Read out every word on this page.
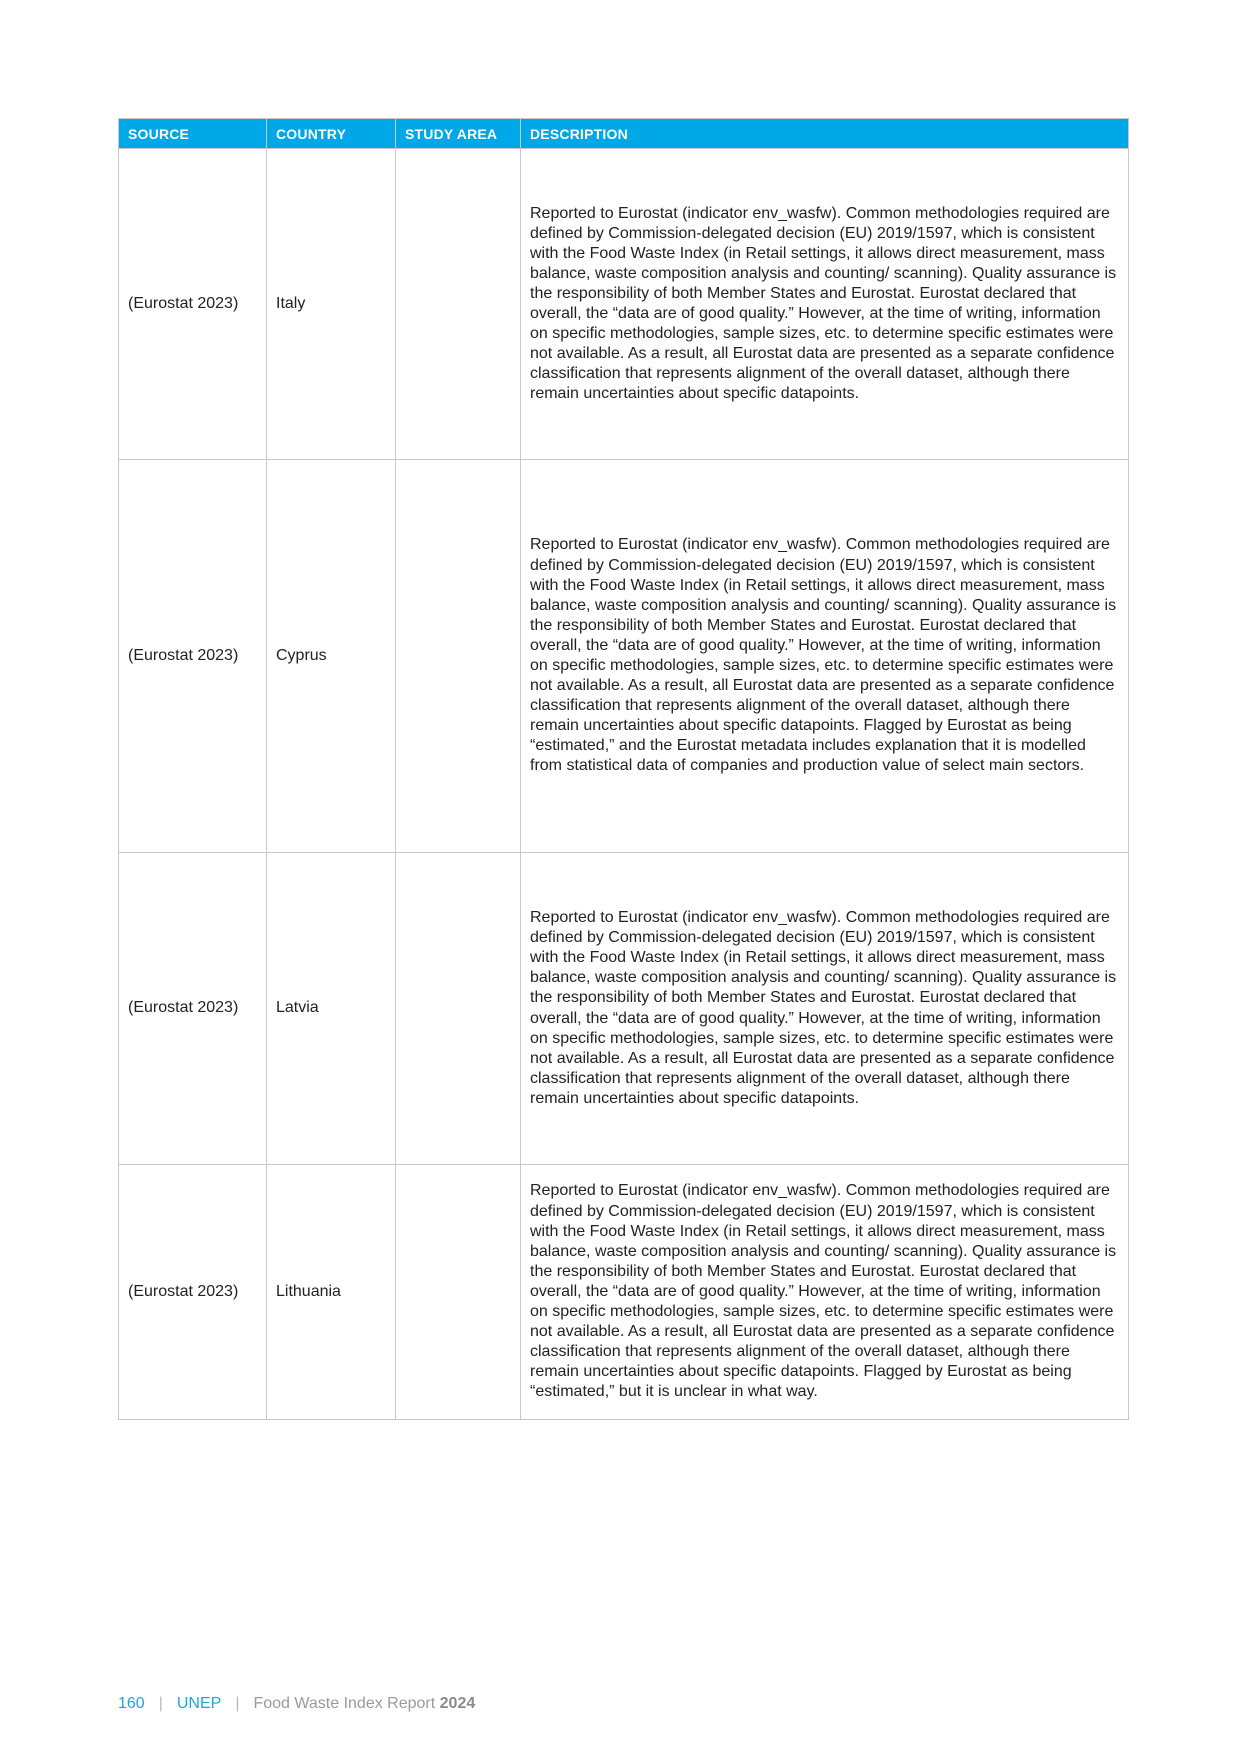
SOURCE	COUNTRY	STUDY AREA	DESCRIPTION
(Eurostat 2023)	Italy		Reported to Eurostat (indicator env_wasfw). Common methodologies required are defined by Commission-delegated decision (EU) 2019/1597, which is consistent with the Food Waste Index (in Retail settings, it allows direct measurement, mass balance, waste composition analysis and counting/ scanning). Quality assurance is the responsibility of both Member States and Eurostat. Eurostat declared that overall, the “data are of good quality.” However, at the time of writing, information on specific methodologies, sample sizes, etc. to determine specific estimates were not available. As a result, all Eurostat data are presented as a separate confidence classification that represents alignment of the overall dataset, although there remain uncertainties about specific datapoints.
(Eurostat 2023)	Cyprus		Reported to Eurostat (indicator env_wasfw). Common methodologies required are defined by Commission-delegated decision (EU) 2019/1597, which is consistent with the Food Waste Index (in Retail settings, it allows direct measurement, mass balance, waste composition analysis and counting/ scanning). Quality assurance is the responsibility of both Member States and Eurostat. Eurostat declared that overall, the “data are of good quality.” However, at the time of writing, information on specific methodologies, sample sizes, etc. to determine specific estimates were not available. As a result, all Eurostat data are presented as a separate confidence classification that represents alignment of the overall dataset, although there remain uncertainties about specific datapoints. Flagged by Eurostat as being “estimated,” and the Eurostat metadata includes explanation that it is modelled from statistical data of companies and production value of select main sectors.
(Eurostat 2023)	Latvia		Reported to Eurostat (indicator env_wasfw). Common methodologies required are defined by Commission-delegated decision (EU) 2019/1597, which is consistent with the Food Waste Index (in Retail settings, it allows direct measurement, mass balance, waste composition analysis and counting/ scanning). Quality assurance is the responsibility of both Member States and Eurostat. Eurostat declared that overall, the “data are of good quality.” However, at the time of writing, information on specific methodologies, sample sizes, etc. to determine specific estimates were not available. As a result, all Eurostat data are presented as a separate confidence classification that represents alignment of the overall dataset, although there remain uncertainties about specific datapoints.
(Eurostat 2023)	Lithuania		Reported to Eurostat (indicator env_wasfw). Common methodologies required are defined by Commission-delegated decision (EU) 2019/1597, which is consistent with the Food Waste Index (in Retail settings, it allows direct measurement, mass balance, waste composition analysis and counting/ scanning). Quality assurance is the responsibility of both Member States and Eurostat. Eurostat declared that overall, the “data are of good quality.” However, at the time of writing, information on specific methodologies, sample sizes, etc. to determine specific estimates were not available. As a result, all Eurostat data are presented as a separate confidence classification that represents alignment of the overall dataset, although there remain uncertainties about specific datapoints. Flagged by Eurostat as being “estimated,” but it is unclear in what way.
160 | UNEP | Food Waste Index Report 2024
